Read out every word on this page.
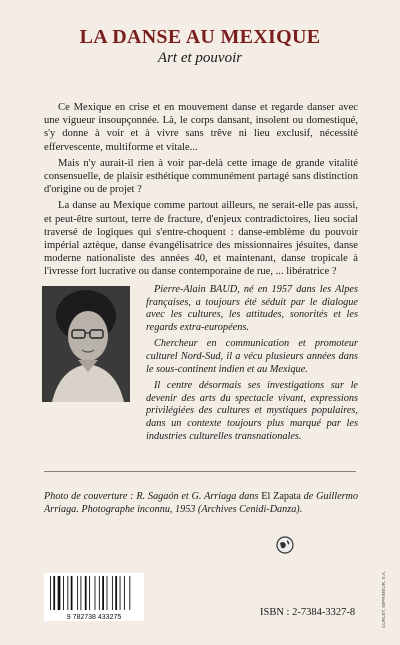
LA DANSE AU MEXIQUE
Art et pouvoir

Ce Mexique en crise et en mouvement danse et regarde danser avec une vigueur insoupçonnée. Là, le corps dansant, insolent ou domestiqué, s'y donne à voir et à vivre sans trêve ni lieu exclusif, nécessité effervescente, multiforme et vitale...

Mais n'y aurait-il rien à voir par-delà cette image de grande vitalité consensuelle, de plaisir esthétique communément partagé sans distinction d'origine ou de projet ?

La danse au Mexique comme partout ailleurs, ne serait-elle pas aussi, et peut-être surtout, terre de fracture, d'enjeux contradictoires, lieu social traversé de logiques qui s'entre-choquent : danse-emblème du pouvoir impérial aztèque, danse évangélisatrice des missionnaires jésuites, danse moderne nationaliste des années 40, et maintenant, danse tropicale à l'ivresse fort lucrative ou danse contemporaine de rue, ... libératrice ?

Pierre-Alain BAUD, né en 1957 dans les Alpes françaises, a toujours été séduit par le dialogue avec les cultures, les attitudes, sonorités et les regards extra-européens.

Chercheur en communication et promoteur culturel Nord-Sud, il a vécu plusieurs années dans le sous-continent indien et au Mexique.

Il centre désormais ses investigations sur le devenir des arts du spectacle vivant, expressions privilégiées des cultures et mystiques populaires, dans un contexte toujours plus marqué par les industries culturelles transnationales.

Photo de couverture : R. Sagaón et G. Arriaga dans El Zapata de Guillermo Arriaga. Photographe inconnu, 1953 (Archives Cenidi-Danza).
9 782738 433275	ISBN : 2-7384-3327-8	CORLET, IMPRIMEUR, S.A.
